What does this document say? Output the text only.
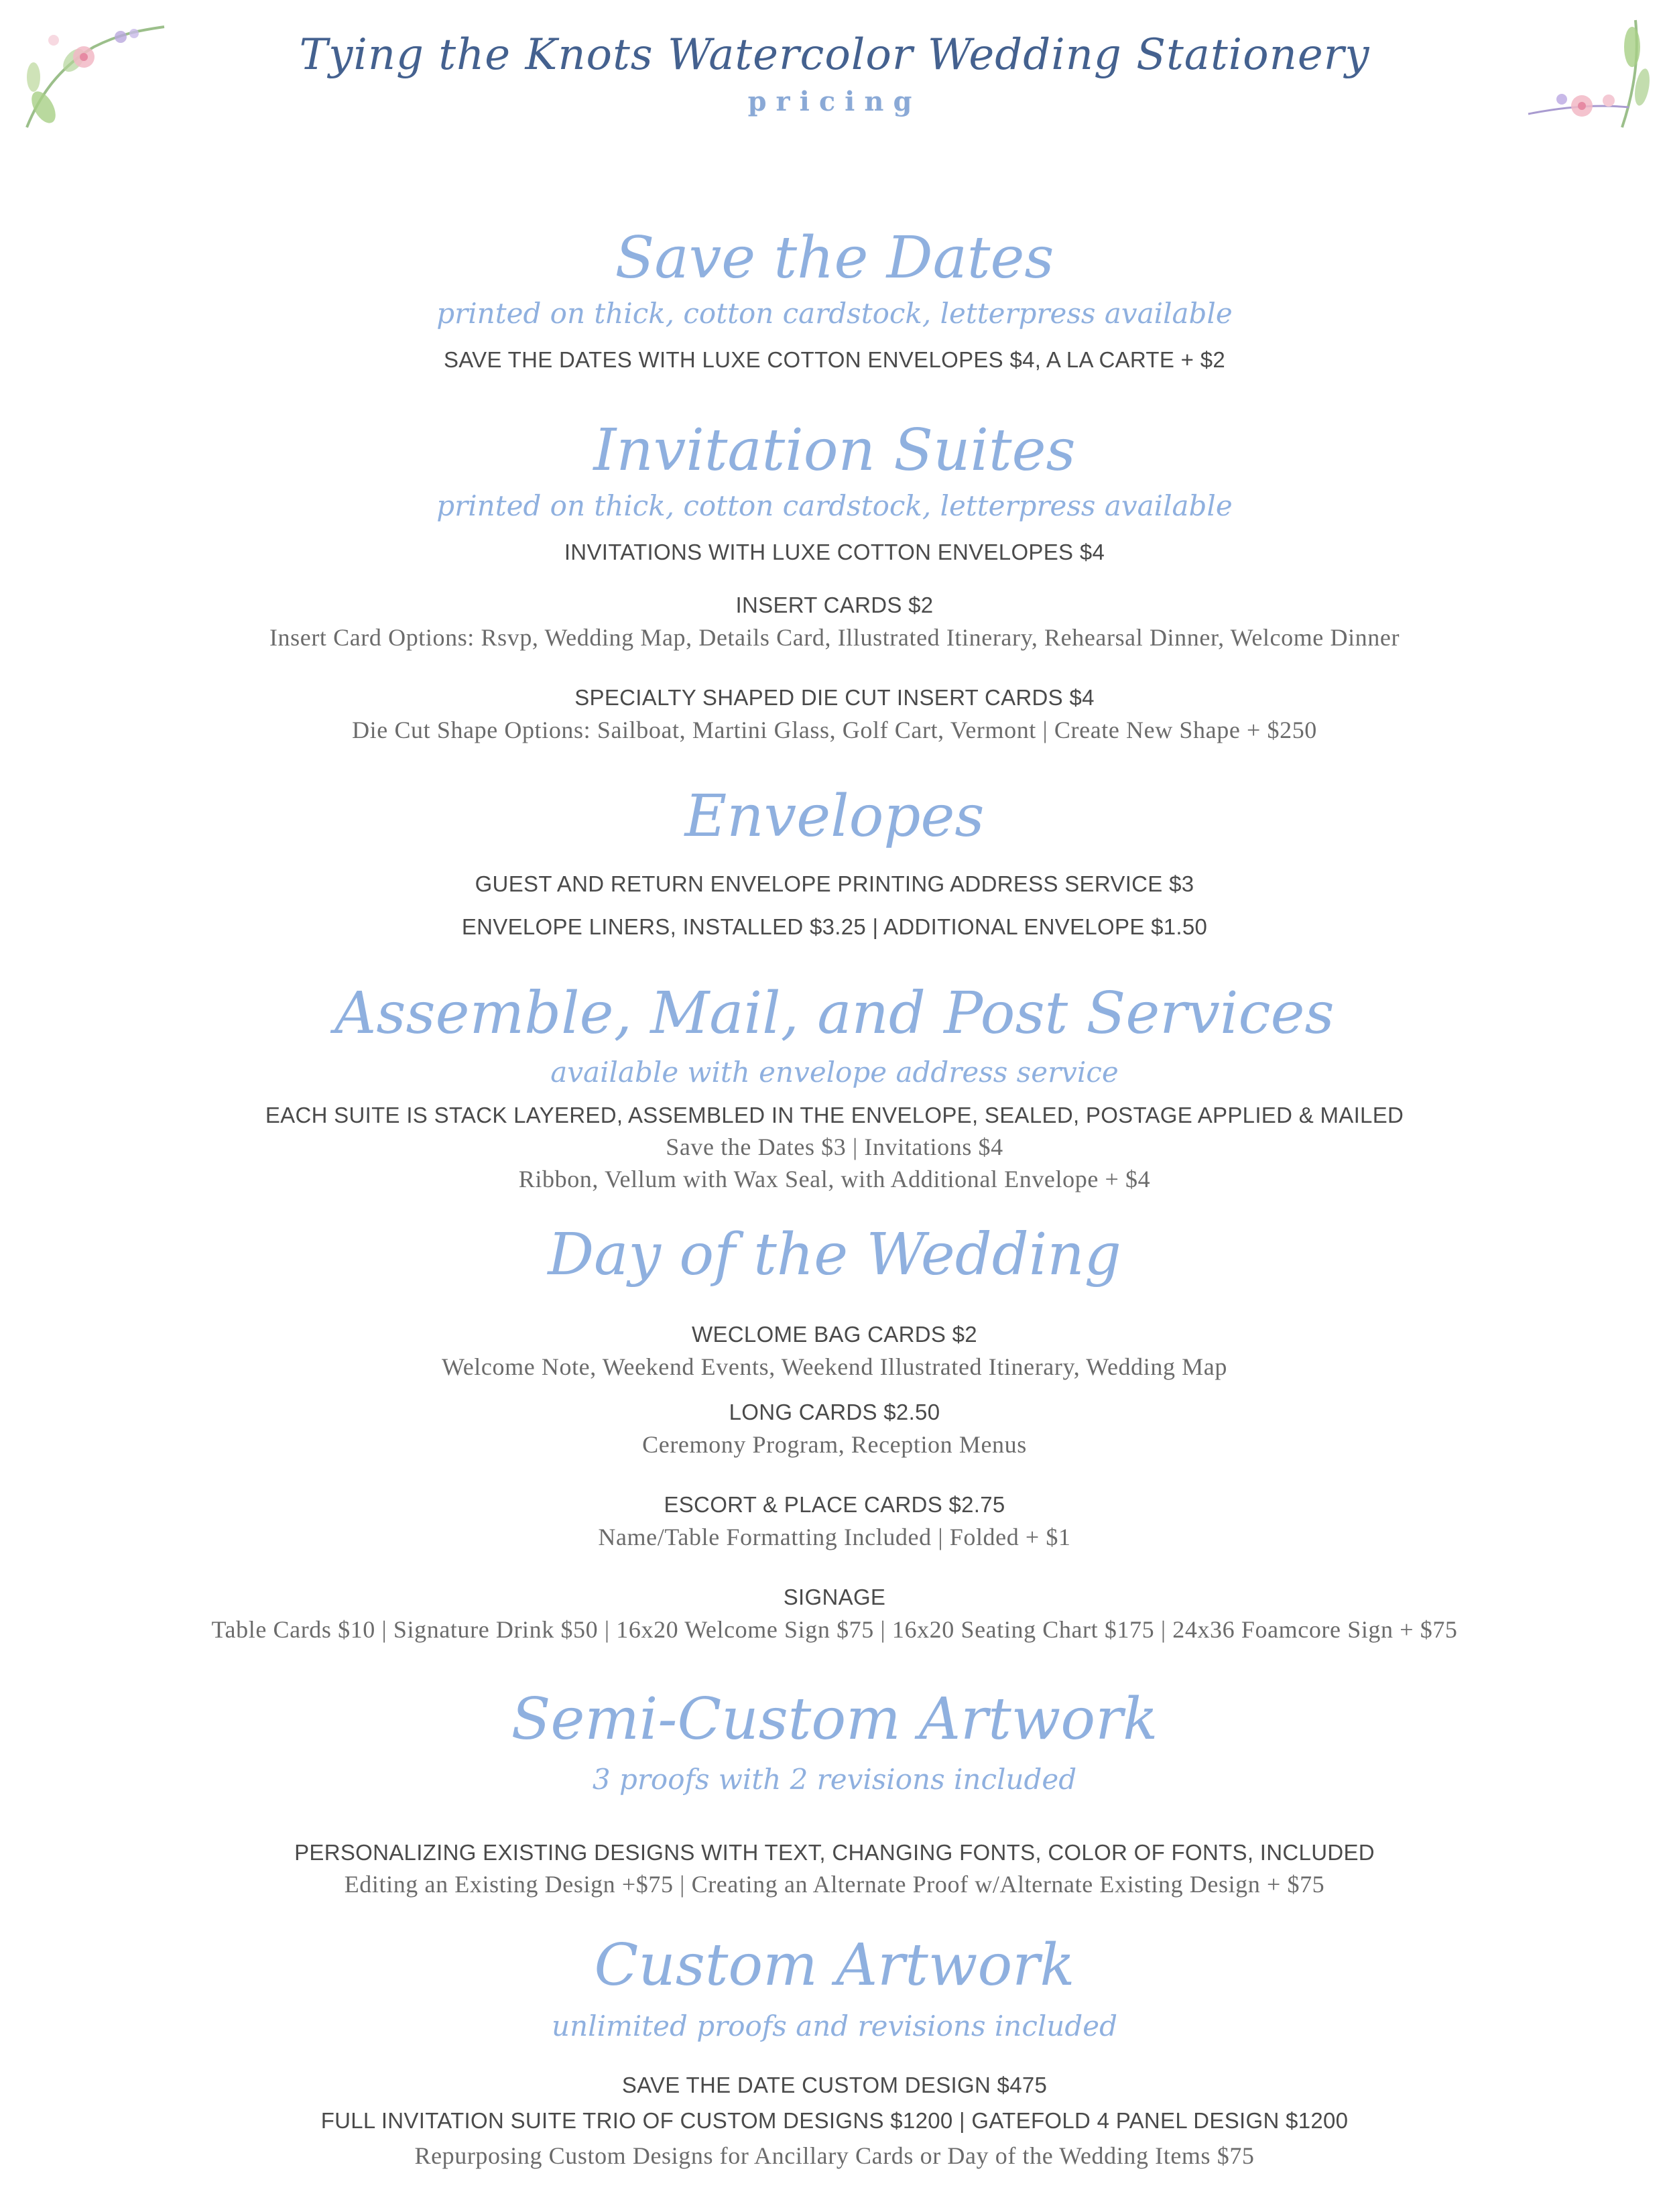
Tying the Knots Watercolor Wedding Stationery
pricing
Save the Dates
printed on thick, cotton cardstock, letterpress available
SAVE THE DATES WITH LUXE COTTON ENVELOPES $4, A LA CARTE + $2
Invitation Suites
printed on thick, cotton cardstock, letterpress available
INVITATIONS WITH LUXE COTTON ENVELOPES $4
INSERT CARDS $2
Insert Card Options: Rsvp, Wedding Map, Details Card, Illustrated Itinerary, Rehearsal Dinner, Welcome Dinner
SPECIALTY SHAPED DIE CUT INSERT CARDS $4
Die Cut Shape Options: Sailboat, Martini Glass, Golf Cart, Vermont | Create New Shape + $250
Envelopes
GUEST AND RETURN ENVELOPE PRINTING ADDRESS SERVICE $3
ENVELOPE LINERS, INSTALLED $3.25 | ADDITIONAL ENVELOPE $1.50
Assemble, Mail, and Post Services
available with envelope address service
EACH SUITE IS STACK LAYERED, ASSEMBLED IN THE ENVELOPE, SEALED, POSTAGE APPLIED & MAILED
Save the Dates $3 | Invitations $4
Ribbon, Vellum with Wax Seal, with Additional Envelope + $4
Day of the Wedding
WECLOME BAG CARDS $2
Welcome Note, Weekend Events, Weekend Illustrated Itinerary, Wedding Map
LONG CARDS $2.50
Ceremony Program, Reception Menus
ESCORT & PLACE CARDS $2.75
Name/Table Formatting Included | Folded + $1
SIGNAGE
Table Cards $10 | Signature Drink $50 | 16x20 Welcome Sign $75 | 16x20 Seating Chart $175 | 24x36 Foamcore Sign + $75
Semi-Custom Artwork
3 proofs with 2 revisions included
PERSONALIZING EXISTING DESIGNS WITH TEXT, CHANGING FONTS, COLOR OF FONTS, INCLUDED
Editing an Existing Design +$75 | Creating an Alternate Proof w/Alternate Existing Design + $75
Custom Artwork
unlimited proofs and revisions included
SAVE THE DATE CUSTOM DESIGN $475
FULL INVITATION SUITE TRIO OF CUSTOM DESIGNS $1200 | GATEFOLD 4 PANEL DESIGN $1200
Repurposing Custom Designs for Ancillary Cards or Day of the Wedding Items $75
